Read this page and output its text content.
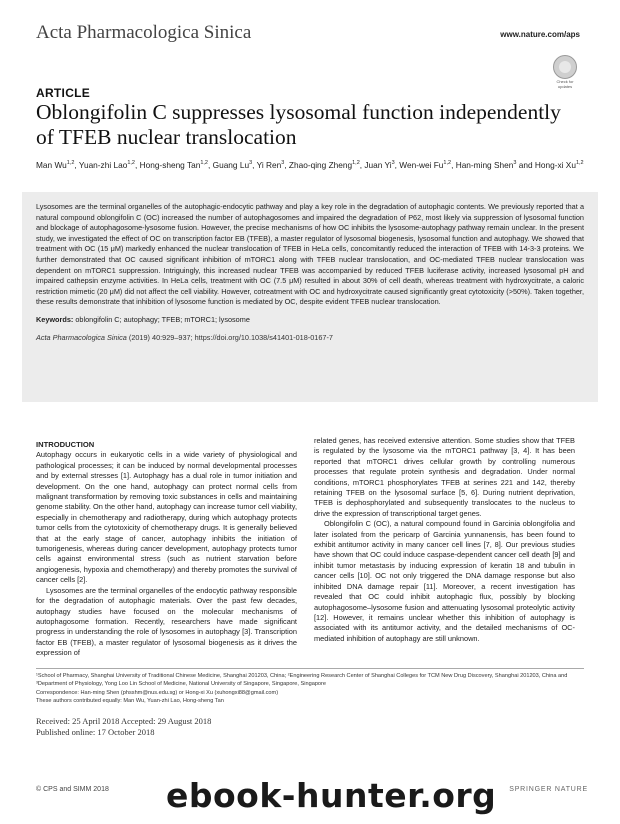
Acta Pharmacologica Sinica	www.nature.com/aps
Check for updates
ARTICLE
Oblongifolin C suppresses lysosomal function independently of TFEB nuclear translocation
Man Wu$^{1,2}$, Yuan-zhi Lao$^{1,2}$, Hong-sheng Tan$^{1,2}$, Guang Lu$^3$, Yi Ren$^3$, Zhao-qing Zheng$^{1,2}$, Juan Yi$^3$, Wen-wei Fu$^{1,2}$, Han-ming Shen$^3$ and Hong-xi Xu$^{1,2}$

Lysosomes are the terminal organelles of the autophagic-endocytic pathway and play a key role in the degradation of autophagic contents. We previously reported that a natural compound oblongifolin C (OC) increased the number of autophagosomes and impaired the degradation of P62, most likely via suppression of lysosomal function and blockage of autophagosome-lysosome fusion. However, the precise mechanisms of how OC inhibits the lysosome-autophagy pathway remain unclear. In the present study, we investigated the effect of OC on transcription factor EB (TFEB), a master regulator of lysosomal biogenesis, lysosomal function and autophagy. We showed that treatment with OC (15 μM) markedly enhanced the nuclear translocation of TFEB in HeLa cells, concomitantly reduced the interaction of TFEB with 14-3-3 proteins. We further demonstrated that OC caused significant inhibition of mTORC1 along with TFEB nuclear translocation, and OC-mediated TFEB nuclear translocation was dependent on mTORC1 suppression. Intriguingly, this increased nuclear TFEB was accompanied by reduced TFEB luciferase activity, increased lysosomal pH and impaired cathepsin enzyme activities. In HeLa cells, treatment with OC (7.5 μM) resulted in about 30% of cell death, whereas treatment with hydroxycitrate, a caloric restriction mimetic (20 μM) did not affect the cell viability. However, cotreatment with OC and hydroxycitrate caused significantly great cytotoxicity (>50%). Taken together, these results demonstrate that inhibition of lysosome function is mediated by OC, despite evident TFEB nuclear translocation.

Keywords: oblongifolin C; autophagy; TFEB; mTORC1; lysosome

Acta Pharmacologica Sinica (2019) 40:929–937; https://doi.org/10.1038/s41401-018-0167-7

INTRODUCTION

Autophagy occurs in eukaryotic cells in a wide variety of physiological and pathological processes; it can be induced by normal developmental processes and by external stresses [1]. Autophagy has a dual role in tumor initiation and development. On the one hand, autophagy can protect normal cells from malignant transformation by removing toxic substances in cells and maintaining genome stability. On the other hand, autophagy can increase tumor cell viability, especially in chemotherapy and radiotherapy, during which autophagy protects tumor cells from the cytotoxicity of chemotherapy drugs. It is generally believed that at the early stage of cancer, autophagy inhibits the initiation of tumorigenesis, whereas during cancer development, autophagy protects tumor cells against environmental stress (such as nutrient starvation before angiogenesis, hypoxia and chemotherapy) and thereby promotes the survival of cancer cells [2].

Lysosomes are the terminal organelles of the endocytic pathway responsible for the degradation of autophagic materials. Over the past few decades, autophagy studies have focused on the molecular mechanisms of autophagosome formation. Recently, researchers have made significant progress in understanding the role of lysosomes in autophagy [3]. Transcription factor EB (TFEB), a master regulator of lysosomal biogenesis as it drives the expression of

related genes, has received extensive attention. Some studies show that TFEB is regulated by the lysosome via the mTORC1 pathway [3, 4]. It has been reported that mTORC1 drives cellular growth by controlling numerous processes that regulate protein synthesis and degradation. Under normal conditions, mTORC1 phosphorylates TFEB at serines 221 and 142, thereby retaining TFEB on the lysosomal surface [5, 6]. During nutrient deprivation, TFEB is dephosphorylated and subsequently translocates to the nucleus to drive the expression of transcriptional target genes.

Oblongifolin C (OC), a natural compound found in Garcinia oblongifolia and later isolated from the pericarp of Garcinia yunnanensis, has been found to exhibit antitumor activity in many cancer cell lines [7, 8]. Our previous studies have shown that OC could induce caspase-dependent cancer cell death [9] and inhibit tumor metastasis by inducing expression of keratin 18 and tubulin in cancer cells [10]. OC not only triggered the DNA damage response but also inhibited DNA damage repair [11]. Moreover, a recent investigation has revealed that OC could inhibit autophagic flux, possibly by blocking autophagosome–lysosome fusion and attenuating lysosomal proteolytic activity [12]. However, it remains unclear whether this inhibition of autophagy is associated with its antitumor activity, and the detailed mechanisms of OC-mediated inhibition of autophagy are still unknown.

¹School of Pharmacy, Shanghai University of Traditional Chinese Medicine, Shanghai 201203, China; ²Engineering Research Center of Shanghai Colleges for TCM New Drug Discovery, Shanghai 201203, China and ³Department of Physiology, Yong Loo Lin School of Medicine, National University of Singapore, Singapore, Singapore
Correspondence: Han-ming Shen (phsshm@nus.edu.sg) or Hong-xi Xu (xuhongxi88@gmail.com)
These authors contributed equally: Man Wu, Yuan-zhi Lao, Hong-sheng Tan
Received: 25 April 2018 Accepted: 29 August 2018
Published online: 17 October 2018
© CPS and SIMM 2018 ebook-hunter.org SPRINGER NATURE
